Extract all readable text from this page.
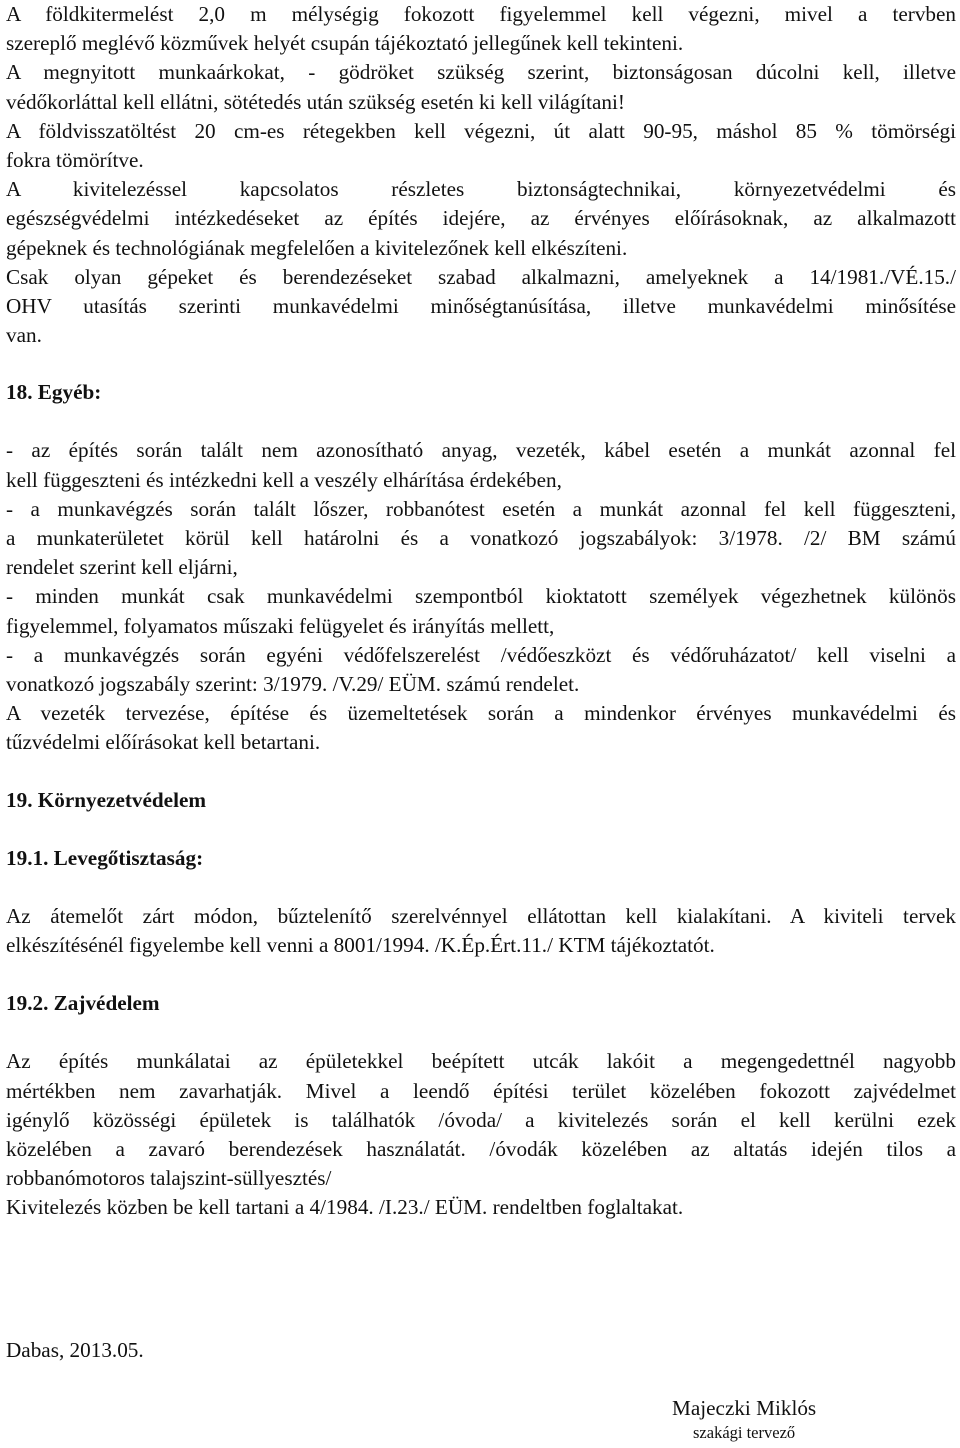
A földkitermelést 2,0 m mélységig fokozott figyelemmel kell végezni, mivel a tervben
szereplő meglévő közművek helyét csupán tájékoztató jellegűnek kell tekinteni.
A megnyitott munkaárkokat, - gödröket szükség szerint, biztonságosan dúcolni kell, illetve
védőkorláttal kell ellátni, sötétedés után szükség esetén ki kell világítani!
A földvisszatöltést 20 cm-es rétegekben kell végezni, út alatt 90-95, máshol 85 % tömörségi
fokra tömörítve.
A kivitelezéssel kapcsolatos részletes biztonságtechnikai, környezetvédelmi és
egészségvédelmi intézkedéseket az építés idejére, az érvényes előírásoknak, az alkalmazott
gépeknek és technológiának megfelelően a kivitelezőnek kell elkészíteni.
Csak olyan gépeket és berendezéseket szabad alkalmazni, amelyeknek a 14/1981./VÉ.15./
OHV utasítás szerinti munkavédelmi minőségtanúsítása, illetve munkavédelmi minősítése
van.
18. Egyéb:
- az építés során talált nem azonosítható anyag, vezeték, kábel esetén a munkát azonnal fel
kell függeszteni és intézkedni kell a veszély elhárítása érdekében,
- a munkavégzés során talált lőszer, robbanótest esetén a munkát azonnal fel kell függeszteni,
a munkaterületet körül kell határolni és a vonatkozó jogszabályok: 3/1978. /2/ BM számú
rendelet szerint kell eljárni,
- minden munkát csak munkavédelmi szempontból kioktatott személyek végezhetnek különös
figyelemmel, folyamatos műszaki felügyelet és irányítás mellett,
- a munkavégzés során egyéni védőfelszerelést /védőeszközt és védőruházatot/ kell viselni a
vonatkozó jogszabály szerint: 3/1979. /V.29/ EÜM. számú rendelet.
A vezeték tervezése, építése és üzemeltetések során a mindenkor érvényes munkavédelmi és
tűzvédelmi előírásokat kell betartani.
19. Környezetvédelem
19.1. Levegőtisztaság:
Az átemelőt zárt módon, bűztelenítő szerelvénnyel ellátottan kell kialakítani. A kiviteli tervek
elkészítésénél figyelembe kell venni a 8001/1994. /K.Ép.Ért.11./ KTM tájékoztatót.
19.2. Zajvédelem
Az építés munkálatai az épületekkel beépített utcák lakóit a megengedettnél nagyobb
mértékben nem zavarhatják. Mivel a leendő építési terület közelében fokozott zajvédelmet
igénylő közösségi épületek is találhatók /óvoda/ a kivitelezés során el kell kerülni ezek
közelében a zavaró berendezések használatát. /óvodák közelében az altatás idején tilos a
robbanómotoros talajszint-süllyesztés/
Kivitelezés közben be kell tartani a 4/1984. /I.23./ EÜM. rendeltben foglaltakat.
Dabas, 2013.05.
Majeczki Miklós
szakági tervező
